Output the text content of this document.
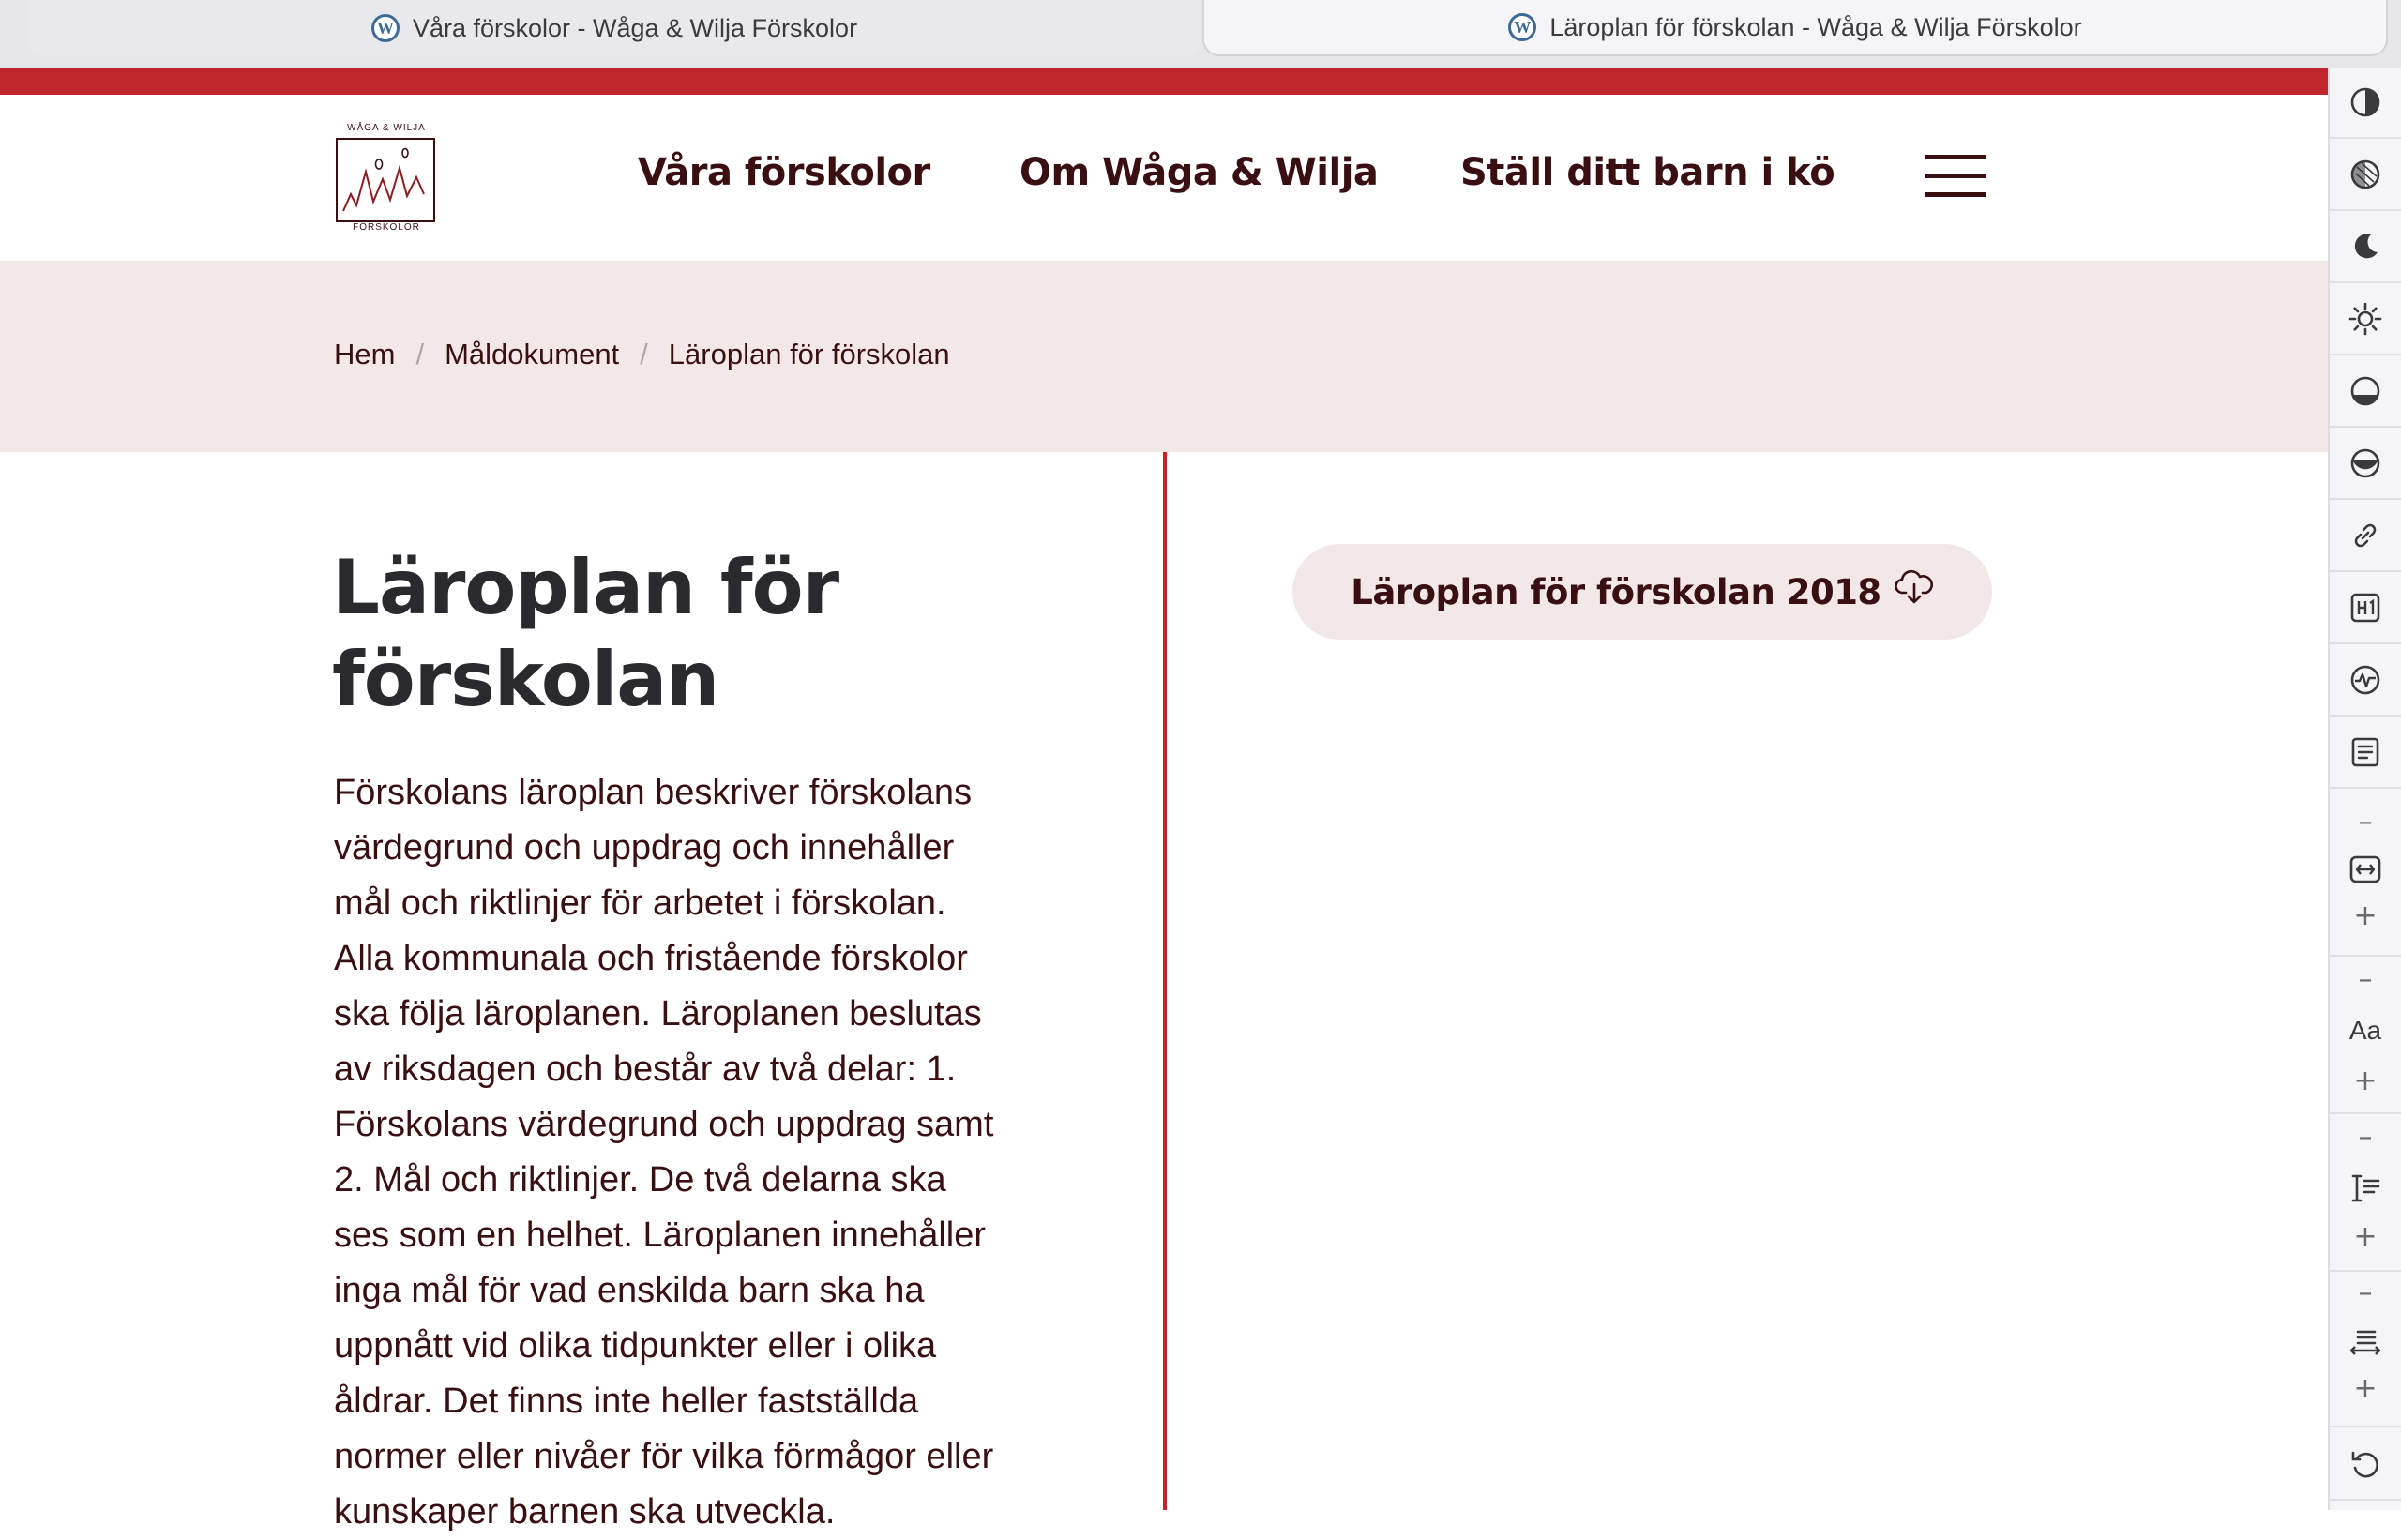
W Våra förskolor - Wåga & Wilja Förskolor	W Läroplan för förskolan - Wåga & Wilja Förskolor
WÅGA & WILJA
FÖRSKOLOR
Våra förskolor Om Wåga & Wilja Ställ ditt barn i kö
Hem / Måldokument / Läroplan för förskolan
Läroplan för
förskolan
Förskolans läroplan beskriver förskolans
värdegrund och uppdrag och innehåller
mål och riktlinjer för arbetet i förskolan.
Alla kommunala och fristående förskolor
ska följa läroplanen. Läroplanen beslutas
av riksdagen och består av två delar: 1.
Förskolans värdegrund och uppdrag samt
2. Mål och riktlinjer. De två delarna ska
ses som en helhet. Läroplanen innehåller
inga mål för vad enskilda barn ska ha
uppnått vid olika tidpunkter eller i olika
åldrar. Det finns inte heller fastställda
normer eller nivåer för vilka förmågor eller
kunskaper barnen ska utveckla.
Läroplan för förskolan 2018
–
+
–
Aa
+
–
+
–
+
